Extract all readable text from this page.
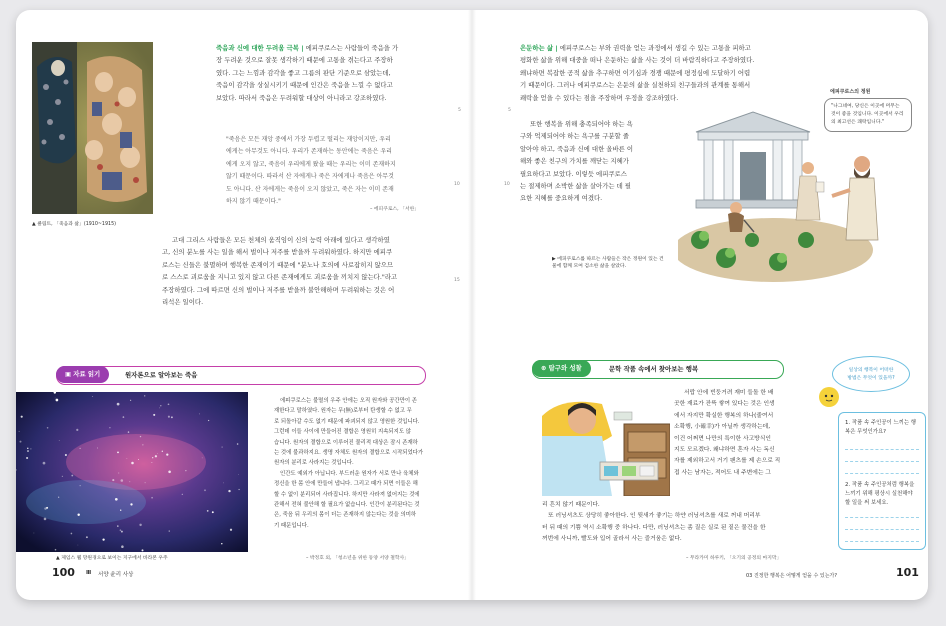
▲ 클림트, 「죽음과 삶」(1910~1915)
죽음과 신에 대한 두려움 극복 | 에피쿠로스는 사람들이 죽음을 가
장 두려운 것으로 잘못 생각하기 때문에 고통을 겪는다고 주장하
였다. 그는 느낌과 감각을 좋고 그름의 판단 기준으로 삼았는데,
죽음이 감각을 상실시키기 때문에 인간은 죽음을 느낄 수 없다고
보았다. 따라서 죽음은 두려워할 대상이 아니라고 강조하였다.
"죽음은 모든 재앙 중에서 가장 두렵고 떨리는 재앙이지만, 우리
에게는 아무것도 아니다. 우리가 존재하는 동안에는 죽음은 우리
에게 오지 않고, 죽음이 우리에게 왔을 때는 우리는 이미 존재하지
않기 때문이다. 따라서 산 자에게나 죽은 자에게나 죽음은 아무것
도 아니다. 산 자에게는 죽음이 오지 않았고, 죽은 자는 이미 존재
하지 않기 때문이다."
– 에피쿠로스, 「서한」
고대 그리스 사람들은 모든 천체의 움직임이 신의 능력 아래에 있다고 생각하였
고, 신의 분노를 사는 일을 해서 벌이나 저주를 받을까 두려워하였다. 하지만 에피쿠
로스는 신들은 불멸하며 행복한 존재이기 때문에 "분노나 호의에 사로잡히지 않으므
로 스스로 괴로움을 지니고 있지 않고 다른 존재에게도 괴로움을 끼치지 않는다."라고
주장하였다. 그에 따르면 신의 벌이나 저주를 받을까 불안해하며 두려워하는 것은 어
리석은 일이다.
5
10
15
▣ 자료 읽기	원자론으로 알아보는 죽음
▲ 제임스 웹 망원경으로 보이는 지구에서 바라본 우주
에피쿠로스는 불멸의 우주 안에는 오직 원자와 공간만이 존
재한다고 말하였다. 원자는 무(無)로부터 탄생할 수 없고 무
로 되돌아갈 수도 없기 때문에 파괴되지 않고 영원한 것입니다.
그런데 이들 사이에 만들어진 결합은 영원히 지속되지도 않
습니다. 원자의 결합으로 이루어진 물리적 대상은 잠시 존재하
는 것에 불과하지요. 생명 자체도 원자의 결합으로 시작되었다가
원자의 분리로 사라지는 것입니다.
인간도 예외가 아닙니다. 부드러운 원자가 서로 만나 육체와
정신을 한 몸 안에 만들어 냅니다. 그리고 때가 되면 이들은 해
할 수 없이 분리되어 사라집니다. 하지만 사라져 없어지는 것에
관해서 전혀 불안해 할 필요가 없습니다. 인간이 분리된다는 것
은, 죽음 뒤 우리의 몸이 더는 존재하지 않는다는 것을 의미하
기 때문입니다.
– 박정호 외, 「청소년을 위한 동양 서양 철학사」
100 Ⅲ 서양 윤리 사상
은둔하는 삶 | 에피쿠로스는 부와 권력을 얻는 과정에서 생길 수 있는 고통을 피하고
평화한 삶을 위해 대중을 떠나 은둔하는 삶을 사는 것이 더 바람직하다고 주장하였다.
왜냐하면 복잡한 공적 삶을 추구하면 이기심과 경쟁 때문에 평정심에 도달하기 어렵
기 때문이다. 그러나 에피쿠로스는 은둔의 삶을 실천하되 친구들과의 관계를 통해서
쾌락을 얻을 수 있다는 점을 주장하며 우정을 강조하였다.
또한 행복을 위해 충족되어야 하는 욕
구와 억제되어야 하는 욕구를 구분할 줄
알아야 하고, 죽음과 신에 대한 올바른 이
해와 좋은 친구의 가치를 깨닫는 지혜가
필요하다고 보았다. 이렇듯 에피쿠로스
는 절제하며 소박한 삶을 살아가는 데 필
요한 지혜를 중요하게 여겼다.
5
10
에피쿠로스의 정원
"나그네여, 당신은 이곳에 머무는 것이 좋을 것입니다. 이곳에서 우리의 최고선은 쾌락입니다."
▶ 에피쿠로스를 따르는 사람들은 작은 정원이 있는 건물에 함께 모여 검소한 삶을 살았다.
⊕ 탐구와 성찰	문학 작품 속에서 찾아보는 행복
서랍 안에 빈둥거려 재미 들돌 한 배
곳한 재료가 잔뜩 쌓여 있다는 것은 인생
에서 자지만 확실한 행복의 하나(줄여서
소확행, 小確幸)가 아닐까 생각하는데,
이건 어쩌면 나만의 특이한 사고방식인
지도 모르겠다. 왜냐하면 혼자 사는 독신
자를 제외하고서 거기 팬츠를 제 손으로 직
접 사는 남자는, 적어도 내 주변에는 그
리 흔치 않기 때문이다.
또 러닝셔츠도 상당히 좋아한다. 인 뒷새가 좋기는 하얀 러닝셔츠를 새로 꺼내 머리부
터 뒤 때의 기쁨 역시 소확행 중 하나다. 다만, 러닝셔츠는 좀 질은 실로 된 짙은 물건을 한
꺼번에 사니까, 빨도와 입어 골라서 사는 즐거움은 없다.
– 무라카미 하루키, 「오기의 공정의 마지막」
일상의 행복이 어떠한
방법은 무엇이 있을까?
1. 작품 속 주인공이 느끼는 행복은 무엇인가요?
2. 작품 속 주인공처럼 행복을 느끼기 위해 평상시 실천해야 할 일을 써 보세요.
03 진정한 행복은 어떻게 얻을 수 있는가?	101
